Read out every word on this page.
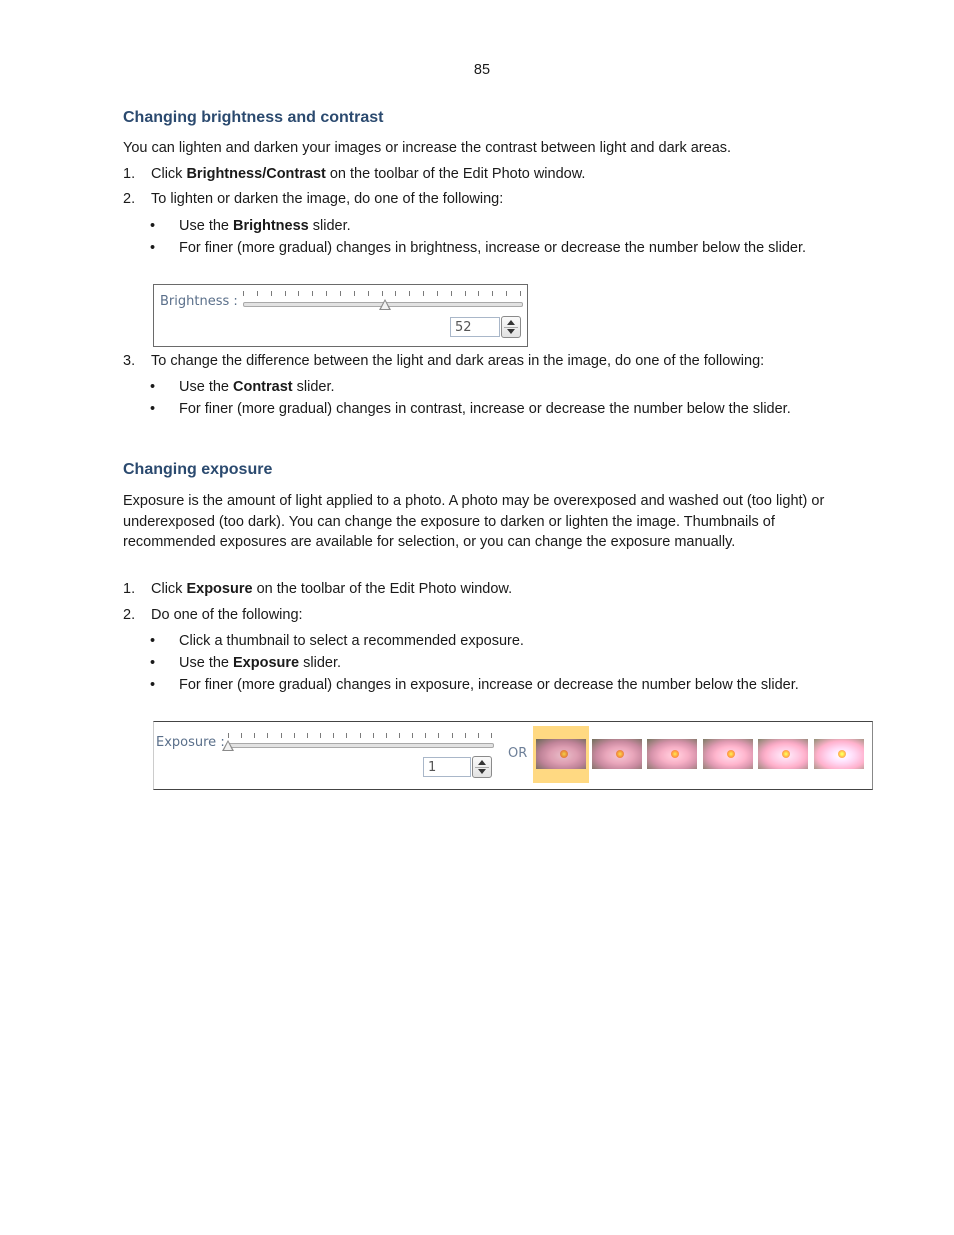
85
Changing brightness and contrast

You can lighten and darken your images or increase the contrast between light and dark areas.

1. Click Brightness/Contrast on the toolbar of the Edit Photo window.
2. To lighten or darken the image, do one of the following:
• Use the Brightness slider.
• For finer (more gradual) changes in brightness, increase or decrease the number below the slider.
Brightness :
52
3. To change the difference between the light and dark areas in the image, do one of the following:
• Use the Contrast slider.
• For finer (more gradual) changes in contrast, increase or decrease the number below the slider.
Changing exposure

Exposure is the amount of light applied to a photo. A photo may be overexposed and washed out (too light) or underexposed (too dark). You can change the exposure to darken or lighten the image. Thumbnails of recommended exposures are available for selection, or you can change the exposure manually.

1. Click Exposure on the toolbar of the Edit Photo window.
2. Do one of the following:
• Click a thumbnail to select a recommended exposure.
• Use the Exposure slider.
• For finer (more gradual) changes in exposure, increase or decrease the number below the slider.
Exposure :
1
OR
